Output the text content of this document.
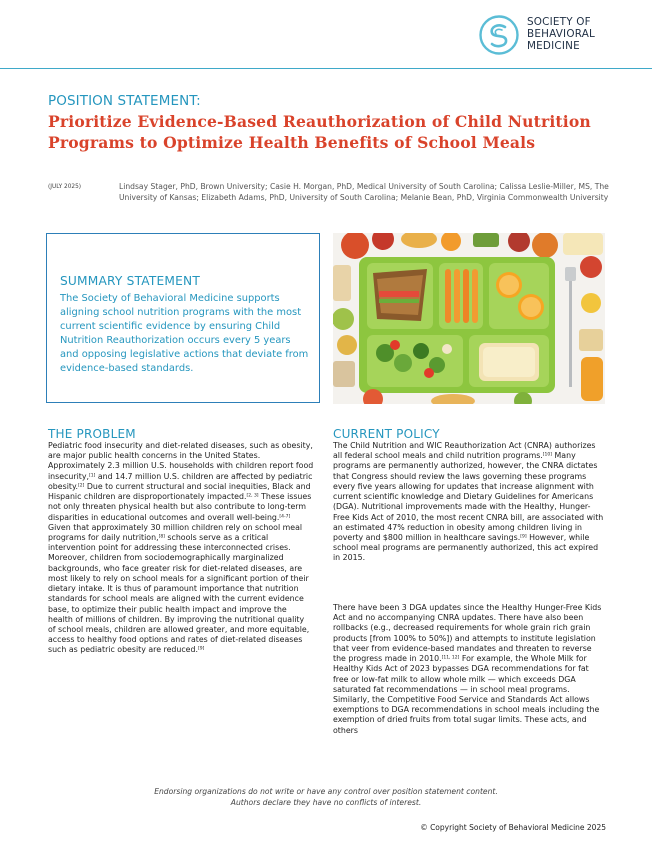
SOCIETY OF
BEHAVIORAL
MEDICINE
POSITION STATEMENT:
Prioritize Evidence-Based Reauthorization of Child Nutrition Programs to Optimize Health Benefits of School Meals
(JULY 2025)	Lindsay Stager, PhD, Brown University; Casie H. Morgan, PhD, Medical University of South Carolina; Calissa Leslie-Miller, MS, The University of Kansas; Elizabeth Adams, PhD, University of South Carolina; Melanie Bean, PhD, Virginia Commonwealth University
SUMMARY STATEMENT
The Society of Behavioral Medicine supports aligning school nutrition programs with the most current scientific evidence by ensuring Child Nutrition Reauthorization occurs every 5 years and opposing legislative actions that deviate from evidence-based standards.
THE PROBLEM
Pediatric food insecurity and diet-related diseases, such as obesity, are major public health concerns in the United States. Approximately 2.3 million U.S. households with children report food insecurity,[1] and 14.7 million U.S. children are affected by pediatric obesity.[2] Due to current structural and social inequities, Black and Hispanic children are disproportionately impacted.[2, 3] These issues not only threaten physical health but also contribute to long-term disparities in educational outcomes and overall well-being.[4-7] Given that approximately 30 million children rely on school meal programs for daily nutrition,[8] schools serve as a critical intervention point for addressing these interconnected crises. Moreover, children from sociodemographically marginalized backgrounds, who face greater risk for diet-related diseases, are most likely to rely on school meals for a significant portion of their dietary intake. It is thus of paramount importance that nutrition standards for school meals are aligned with the current evidence base, to optimize their public health impact and improve the health of millions of children. By improving the nutritional quality of school meals, children are allowed greater, and more equitable, access to healthy food options and rates of diet-related diseases such as pediatric obesity are reduced.[9]
CURRENT POLICY
The Child Nutrition and WIC Reauthorization Act (CNRA) authorizes all federal school meals and child nutrition programs.[10] Many programs are permanently authorized, however, the CNRA dictates that Congress should review the laws governing these programs every five years allowing for updates that increase alignment with current scientific knowledge and Dietary Guidelines for Americans (DGA). Nutritional improvements made with the Healthy, Hunger-Free Kids Act of 2010, the most recent CNRA bill, are associated with an estimated 47% reduction in obesity among children living in poverty and $800 million in healthcare savings.[9] However, while school meal programs are permanently authorized, this act expired in 2015.
There have been 3 DGA updates since the Healthy Hunger-Free Kids Act and no accompanying CNRA updates. There have also been rollbacks (e.g., decreased requirements for whole grain rich grain products [from 100% to 50%]) and attempts to institute legislation that veer from evidence-based mandates and threaten to reverse the progress made in 2010.[11, 12] For example, the Whole Milk for Healthy Kids Act of 2023 bypasses DGA recommendations for fat free or low-fat milk to allow whole milk — which exceeds DGA saturated fat recommendations — in school meal programs. Similarly, the Competitive Food Service and Standards Act allows exemptions to DGA recommendations in school meals including the exemption of dried fruits from total sugar limits. These acts, and others
Endorsing organizations do not write or have any control over position statement content.
Authors declare they have no conflicts of interest.
© Copyright Society of Behavioral Medicine 2025
